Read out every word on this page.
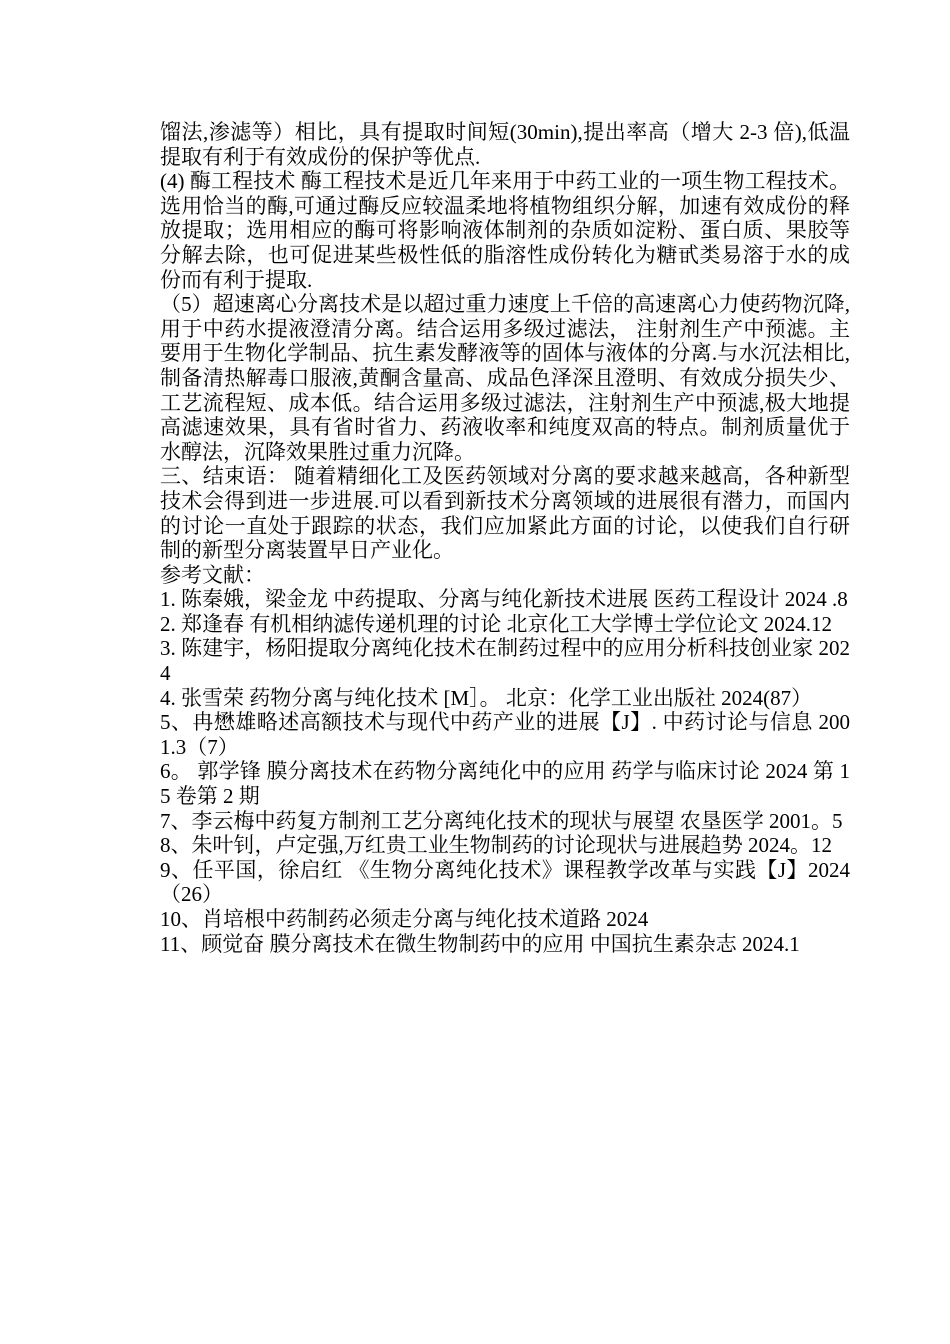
馏法,渗滤等）相比，具有提取时间短(30min),提出率高（增大 2-3 倍),低温提取有利于有效成份的保护等优点.

(4) 酶工程技术 酶工程技术是近几年来用于中药工业的一项生物工程技术。选用恰当的酶,可通过酶反应较温柔地将植物组织分解，加速有效成份的释放提取；选用相应的酶可将影响液体制剂的杂质如淀粉、蛋白质、果胶等分解去除，也可促进某些极性低的脂溶性成份转化为糖甙类易溶于水的成份而有利于提取.

（5）超速离心分离技术是以超过重力速度上千倍的高速离心力使药物沉降,用于中药水提液澄清分离。结合运用多级过滤法， 注射剂生产中预滤。主要用于生物化学制品、抗生素发酵液等的固体与液体的分离.与水沉法相比,制备清热解毒口服液,黄酮含量高、成品色泽深且澄明、有效成分损失少、工艺流程短、成本低。结合运用多级过滤法，注射剂生产中预滤,极大地提高滤速效果，具有省时省力、药液收率和纯度双高的特点。制剂质量优于水醇法，沉降效果胜过重力沉降。

三、结束语： 随着精细化工及医药领域对分离的要求越来越高，各种新型技术会得到进一步进展.可以看到新技术分离领域的进展很有潜力，而国内的讨论一直处于跟踪的状态，我们应加紧此方面的讨论，以使我们自行研制的新型分离装置早日产业化。

参考文献：

1. 陈秦娥，梁金龙 中药提取、分离与纯化新技术进展 医药工程设计 2024 .8

2. 郑逢春 有机相纳滤传递机理的讨论 北京化工大学博士学位论文 2024.12

3. 陈建宇，杨阳提取分离纯化技术在制药过程中的应用分析科技创业家 2024

4. 张雪荣 药物分离与纯化技术 [M］。 北京：化学工业出版社 2024(87）

5、冉懋雄略述高额技术与现代中药产业的进展【J】. 中药讨论与信息 2001.3（7）

6。 郭学锋 膜分离技术在药物分离纯化中的应用 药学与临床讨论 2024 第 15 卷第 2 期

7、李云梅中药复方制剂工艺分离纯化技术的现状与展望 农垦医学 2001。5

8、朱叶钊，卢定强,万红贵工业生物制药的讨论现状与进展趋势 2024。12

9、任平国，徐启红 《生物分离纯化技术》课程教学改革与实践【J】2024（26）

10、肖培根中药制药必须走分离与纯化技术道路 2024

11、顾觉奋 膜分离技术在微生物制药中的应用 中国抗生素杂志 2024.1
